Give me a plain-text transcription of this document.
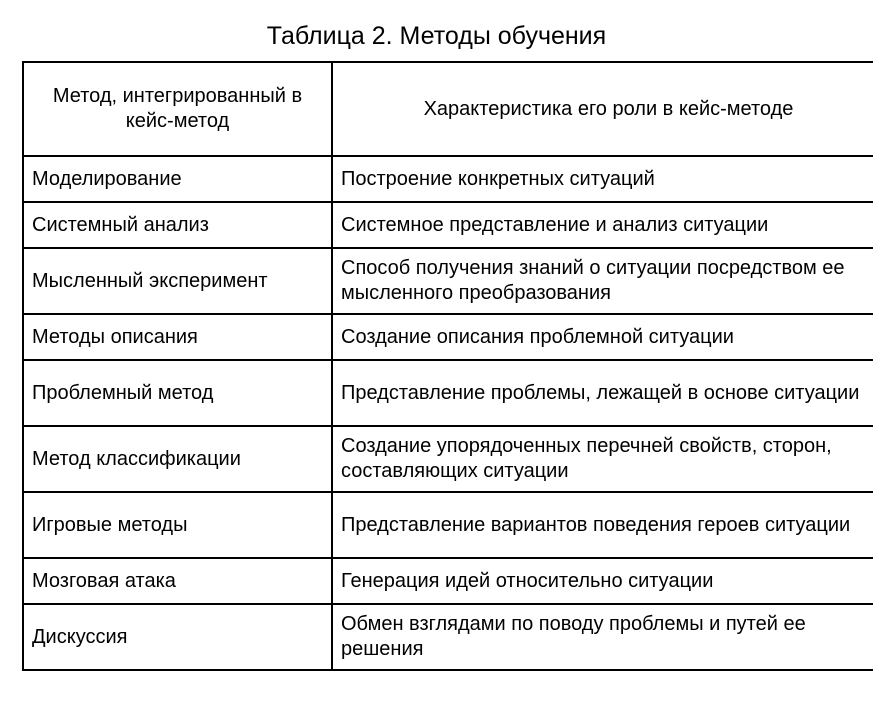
Таблица 2. Методы обучения
Метод, интегрированный в кейс-метод	Характеристика его роли в кейс-методе
Моделирование	Построение конкретных ситуаций
Системный анализ	Системное представление и анализ ситуации
Мысленный эксперимент	Способ получения знаний о ситуации посредством ее мысленного преобразования
Методы описания	Создание описания проблемной ситуации
Проблемный метод	Представление проблемы, лежащей в основе ситуации
Метод классификации	Создание упорядоченных перечней свойств, сторон, составляющих ситуации
Игровые методы	Представление вариантов поведения героев ситуации
Мозговая атака	Генерация идей относительно ситуации
Дискуссия	Обмен взглядами по поводу проблемы и путей ее решения
